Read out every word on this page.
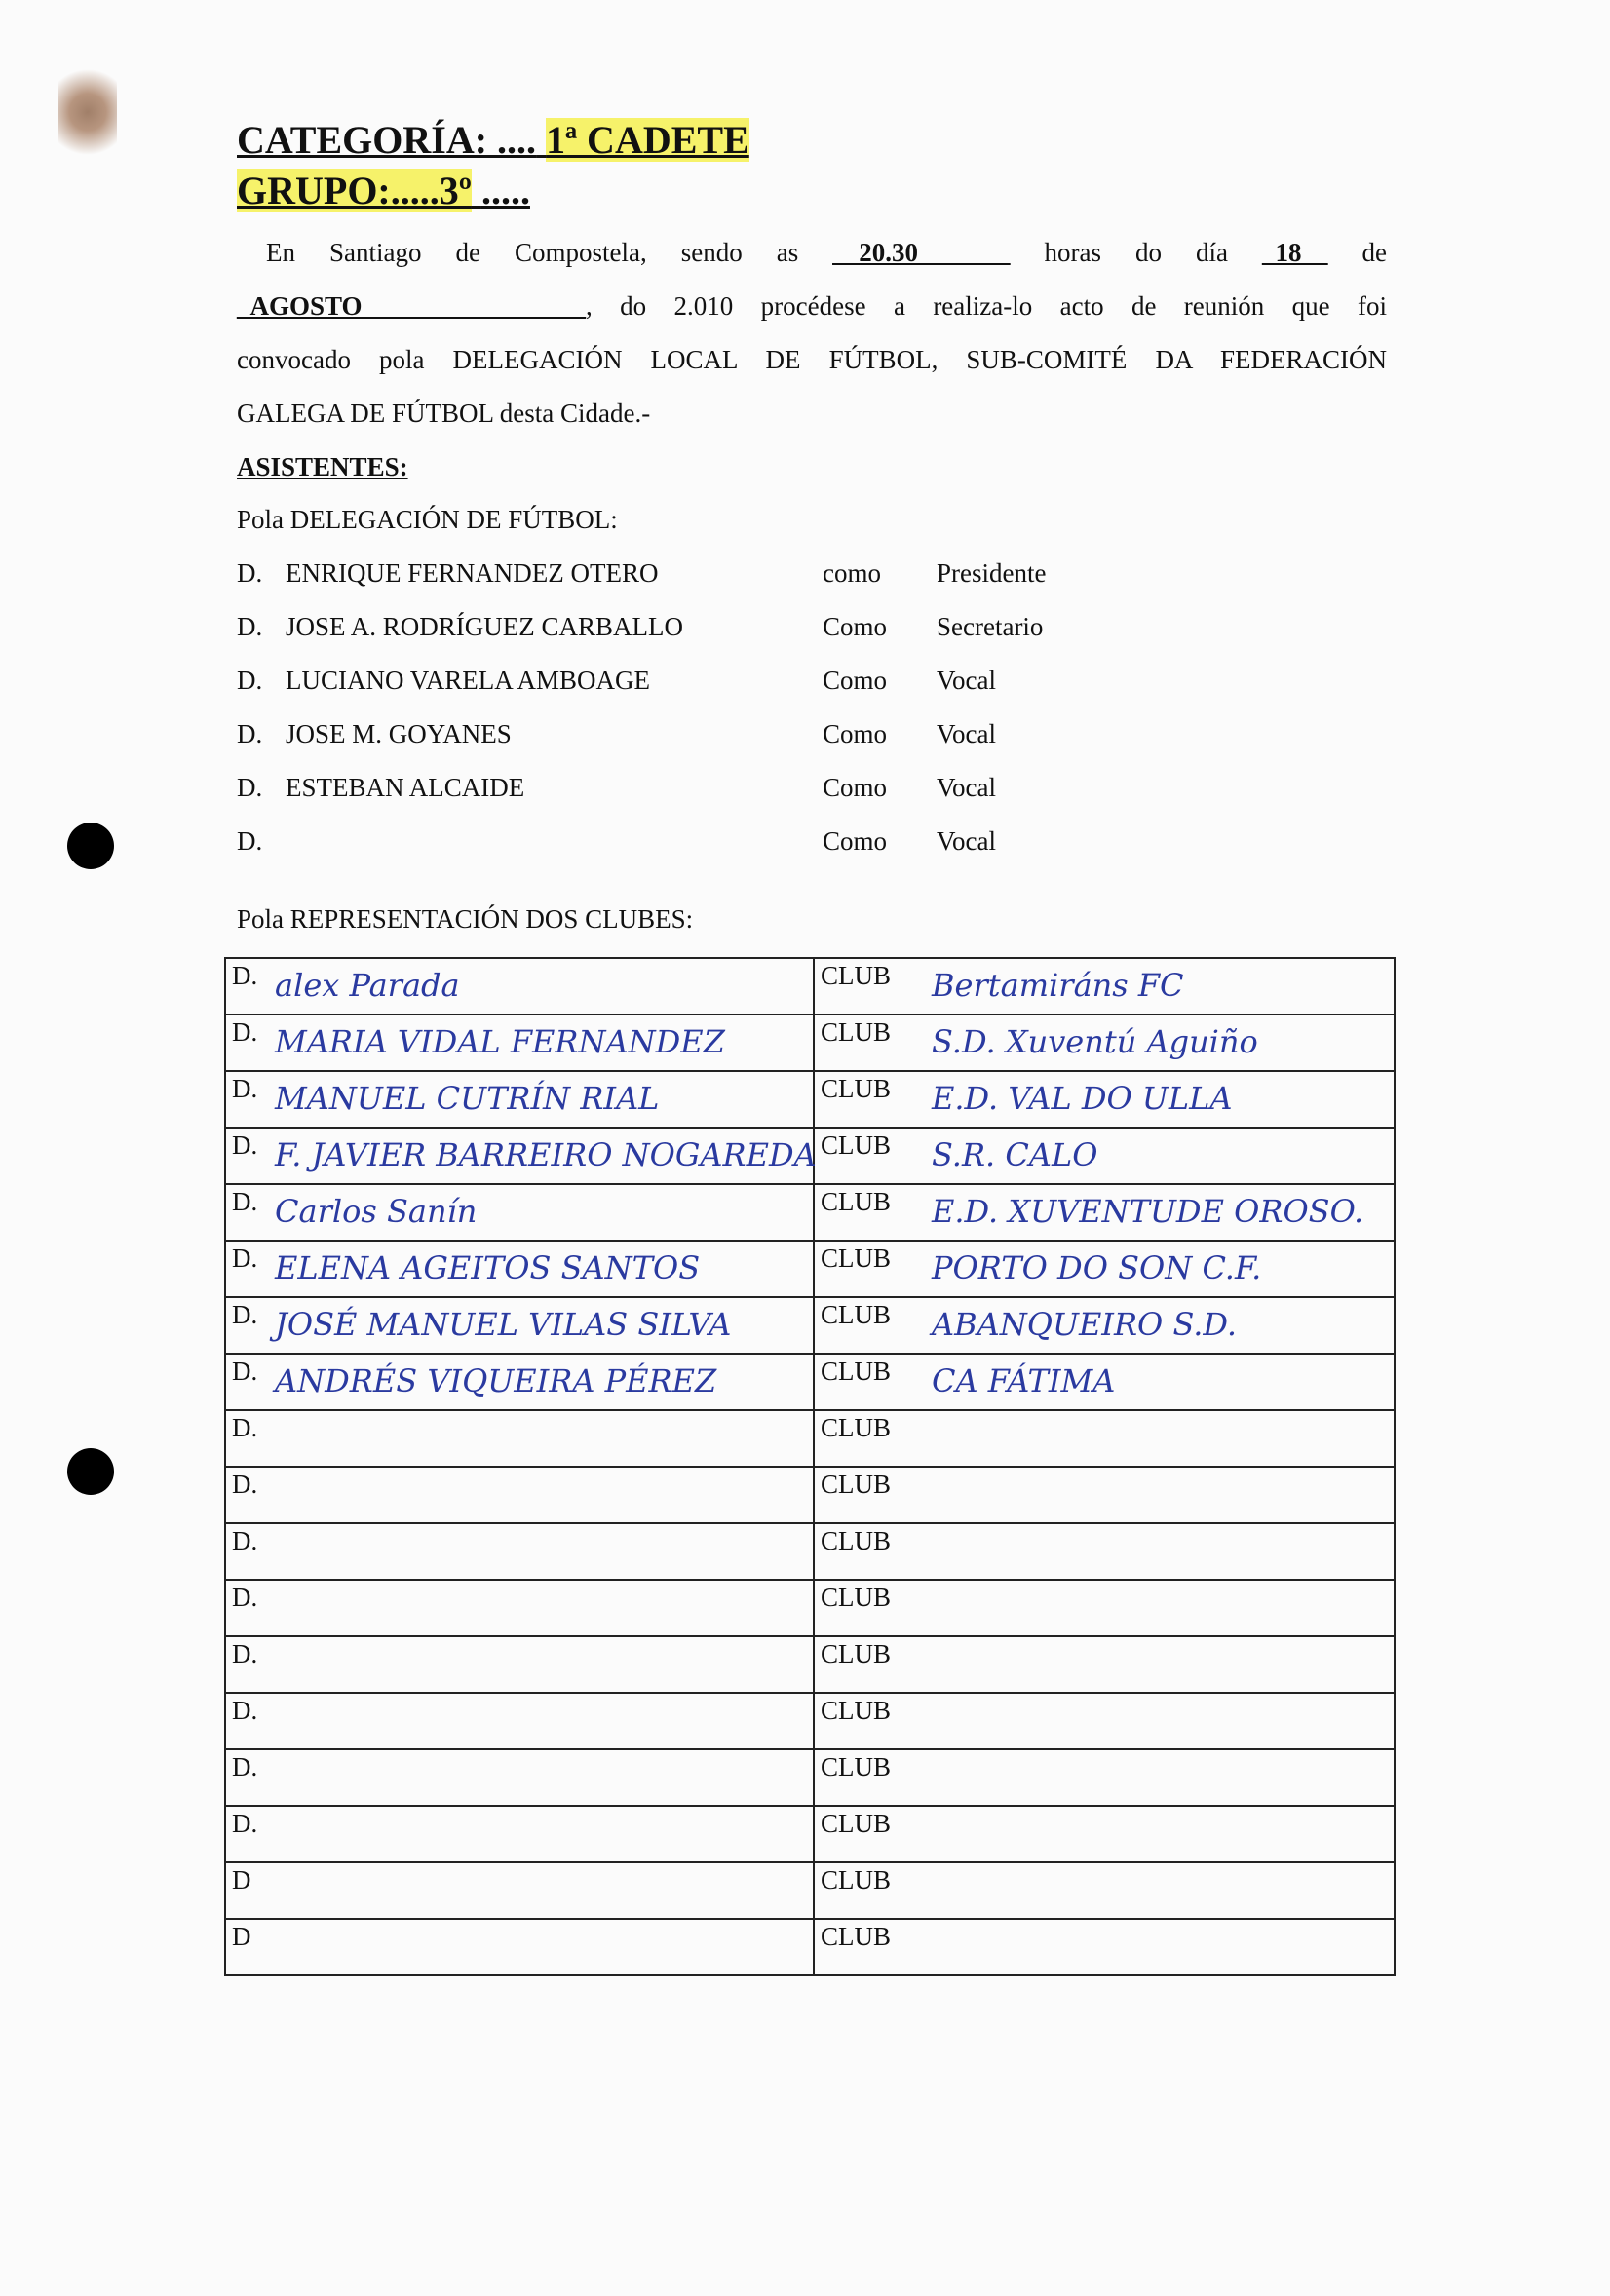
CATEGORÍA: .... 1ª CADETE
GRUPO:.....3º .....
En Santiago de Compostela, sendo as __20.30_______ horas do día _18__ de
_AGOSTO_________________, do 2.010 procédese a realiza-lo acto de reunión que foi
convocado pola DELEGACIÓN LOCAL DE FÚTBOL, SUB-COMITÉ DA FEDERACIÓN
GALEGA DE FÚTBOL desta Cidade.-
ASISTENTES:
Pola DELEGACIÓN DE FÚTBOL:
D. ENRIQUE FERNANDEZ OTERO	como Presidente
D. JOSE A. RODRÍGUEZ CARBALLO	Como Secretario
D. LUCIANO VARELA AMBOAGE	Como Vocal
D. JOSE M. GOYANES	Como Vocal
D. ESTEBAN ALCAIDE	Como Vocal
D.	Como Vocal
Pola REPRESENTACIÓN DOS CLUBES:
D. alex Parada	CLUB Bertamiráns FC

D. MARIA VIDAL FERNANDEZ	CLUB S.D. Xuventú Aguiño

D. MANUEL CUTRÍN RIAL	CLUB E.D. VAL DO ULLA

D. F. JAVIER BARREIRO NOGAREDA	CLUB S.R. CALO

D. Carlos Sanín	CLUB E.D. XUVENTUDE OROSO.

D. ELENA AGEITOS SANTOS	CLUB PORTO DO SON C.F.

D. JOSÉ MANUEL VILAS SILVA	CLUB ABANQUEIRO S.D.

D. ANDRÉS VIQUEIRA PÉREZ	CLUB CA FÁTIMA

D.	CLUB

D.	CLUB

D.	CLUB

D.	CLUB

D.	CLUB

D.	CLUB

D.	CLUB

D.	CLUB

D	CLUB

D	CLUB
